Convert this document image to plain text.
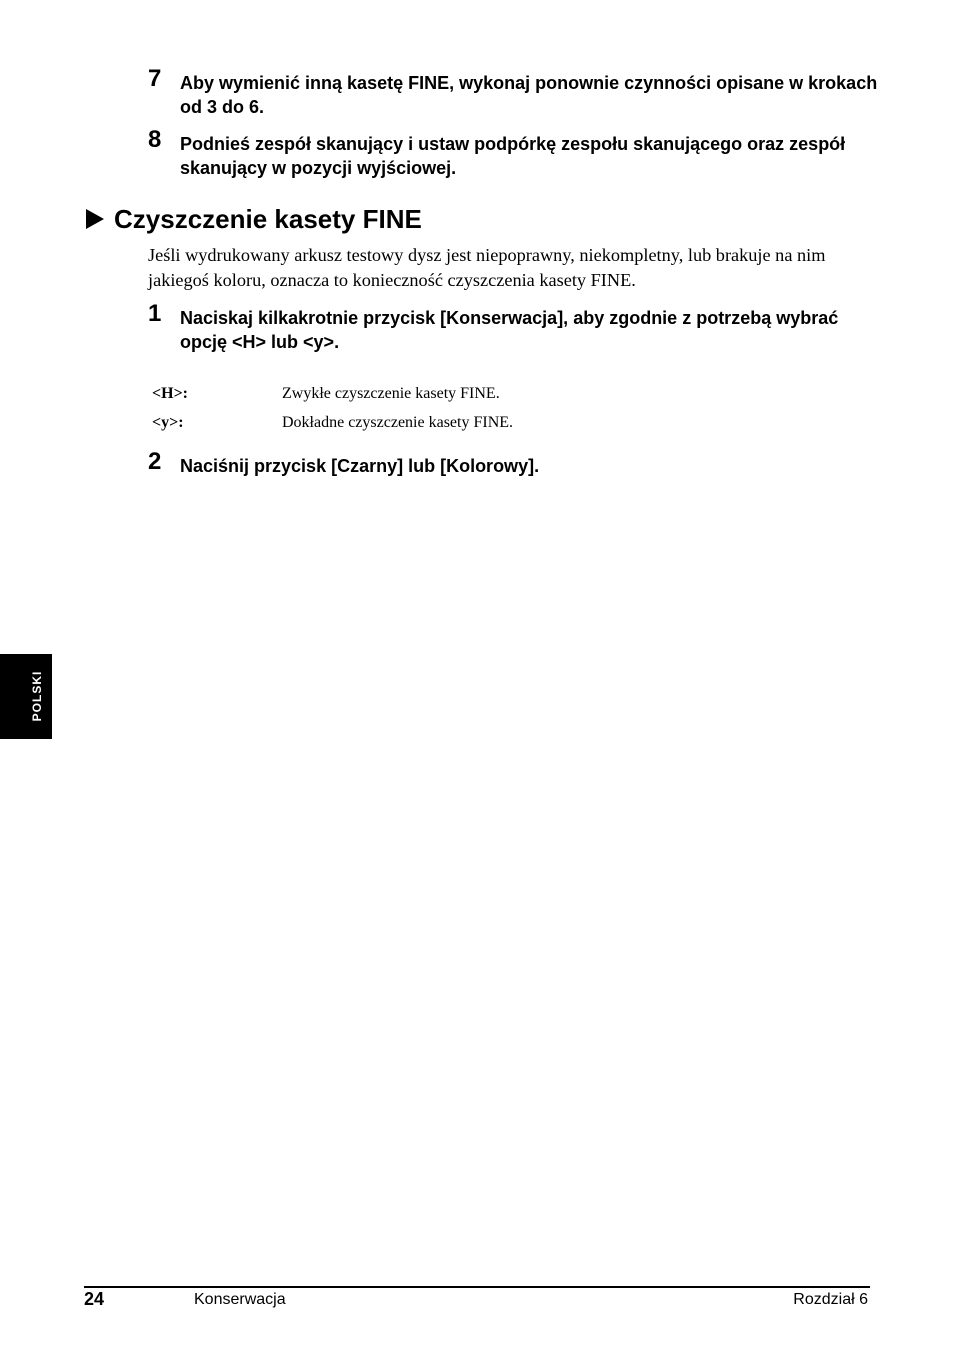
7 Aby wymienić inną kasetę FINE, wykonaj ponownie czynności opisane w krokach od 3 do 6.
8 Podnieś zespół skanujący i ustaw podpórkę zespołu skanującego oraz zespół skanujący w pozycji wyjściowej.
Czyszczenie kasety FINE
Jeśli wydrukowany arkusz testowy dysz jest niepoprawny, niekompletny, lub brakuje na nim jakiegoś koloru, oznacza to konieczność czyszczenia kasety FINE.
1 Naciskaj kilkakrotnie przycisk [Konserwacja], aby zgodnie z potrzebą wybrać opcję <H> lub <y>.
<H>:	Zwykłe czyszczenie kasety FINE.
<y>:	Dokładne czyszczenie kasety FINE.
2 Naciśnij przycisk [Czarny] lub [Kolorowy].
POLSKI
24	Konserwacja	Rozdział 6
